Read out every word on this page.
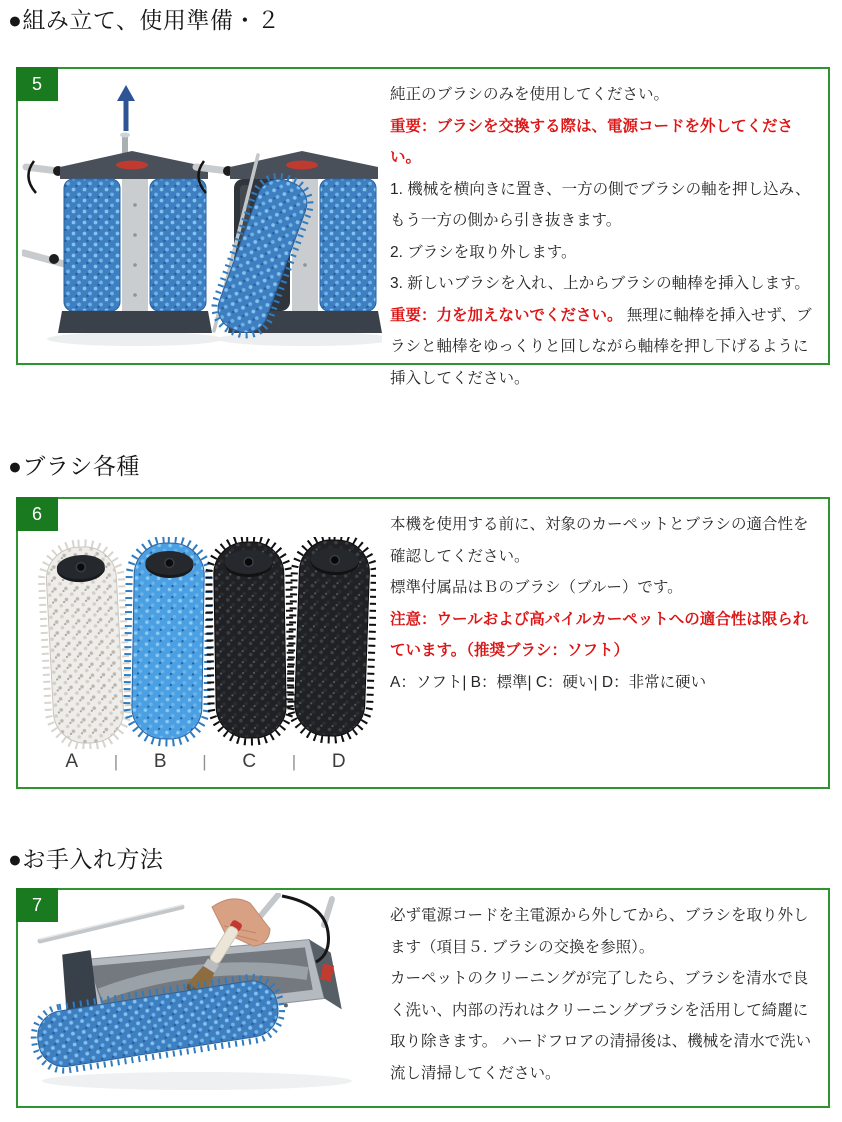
●組み立て、使用準備・２
5

純正のブラシのみを使用してください。

重要：ブラシを交換する際は、電源コードを外してください。

1. 機械を横向きに置き、一方の側でブラシの軸を押し込み、もう一方の側から引き抜きます。

2. ブラシを取り外します。

3. 新しいブラシを入れ、上からブラシの軸棒を挿入します。

重要：力を加えないでください。 無理に軸棒を挿入せず、ブラシと軸棒をゆっくりと回しながら軸棒を押し下げるように挿入してください。

●ブラシ各種
6
A | B | C | D

本機を使用する前に、対象のカーペットとブラシの適合性を確認してください。

標準付属品はＢのブラシ（ブルー）です。

注意：ウールおよび高パイルカーペットへの適合性は限られています。（推奨ブラシ：ソフト）

A：ソフト| B：標準| C：硬い| D：非常に硬い

●お手入れ方法
7

必ず電源コードを主電源から外してから、ブラシを取り外します（項目５. ブラシの交換を参照）。

カーペットのクリーニングが完了したら、ブラシを清水で良く洗い、内部の汚れはクリーニングブラシを活用して綺麗に取り除きます。 ハードフロアの清掃後は、機械を清水で洗い流し清掃してください。
